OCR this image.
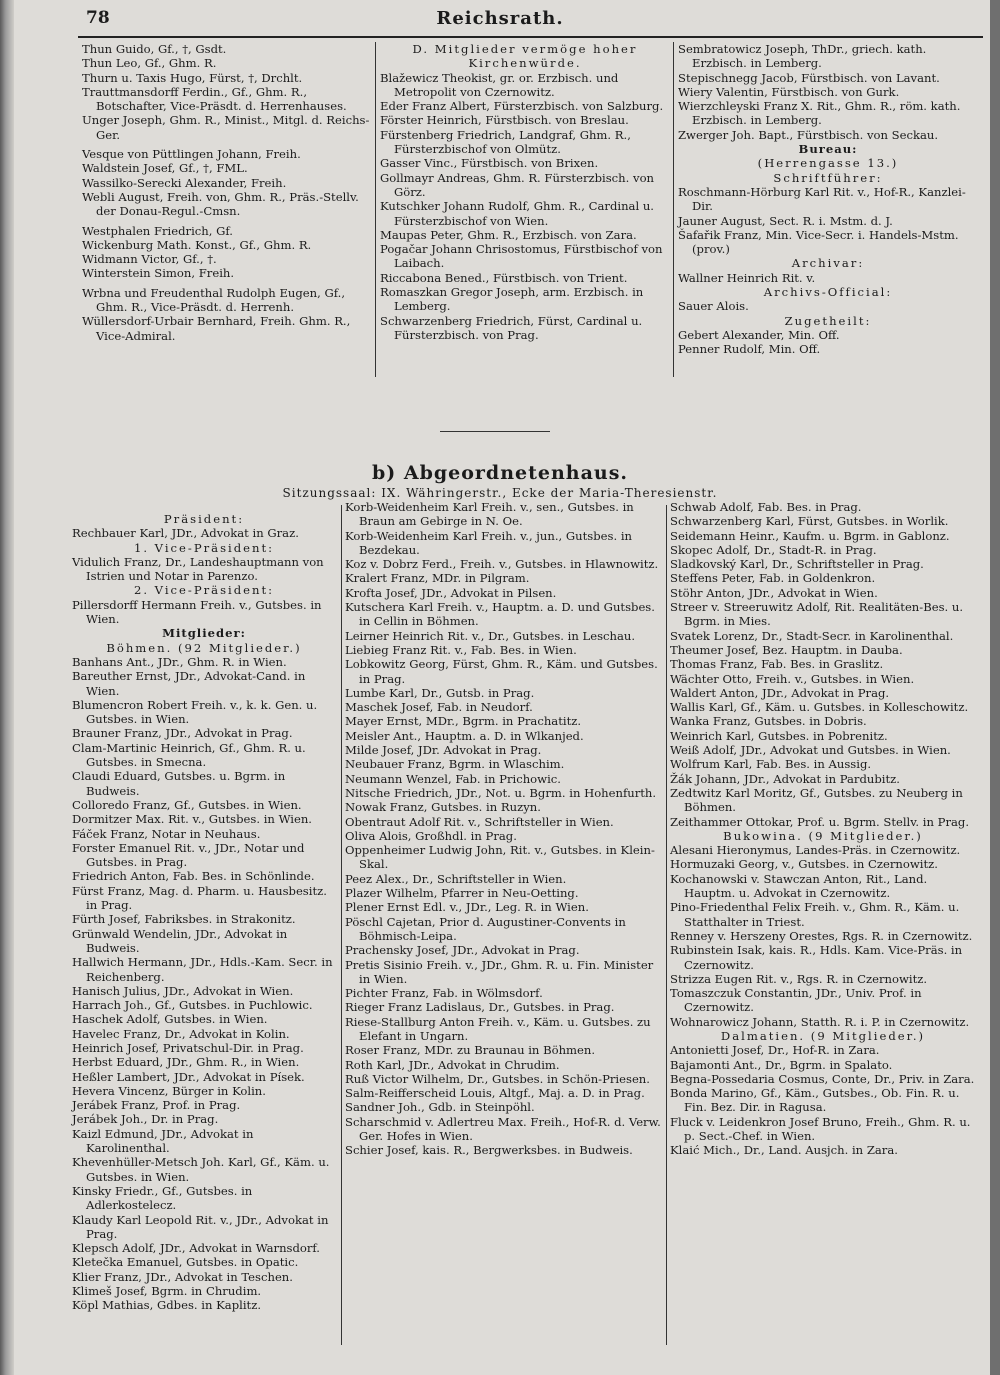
78	Reichsrath.

Thun Guido, Gf., †, Gsdt.

Thun Leo, Gf., Ghm. R.

Thurn u. Taxis Hugo, Fürst, †, Drchlt.

Trauttmansdorff Ferdin., Gf., Ghm. R., Botschafter, Vice-Präsdt. d. Herrenhauses.

Unger Joseph, Ghm. R., Minist., Mitgl. d. Reichs-Ger.

Vesque von Püttlingen Johann, Freih.

Waldstein Josef, Gf., †, FML.

Wassilko-Serecki Alexander, Freih.

Webli August, Freih. von, Ghm. R., Präs.-Stellv. der Donau-Regul.-Cmsn.

Westphalen Friedrich, Gf.

Wickenburg Math. Konst., Gf., Ghm. R.

Widmann Victor, Gf., †.

Winterstein Simon, Freih.

Wrbna und Freudenthal Rudolph Eugen, Gf., Ghm. R., Vice-Präsdt. d. Herrenh.

Wüllersdorf-Urbair Bernhard, Freih. Ghm. R., Vice-Admiral.

D. Mitglieder vermöge hoher Kirchenwürde.

Blažewicz Theokist, gr. or. Erzbisch. und Metropolit von Czernowitz.

Eder Franz Albert, Fürsterzbisch. von Salzburg.

Förster Heinrich, Fürstbisch. von Breslau.

Fürstenberg Friedrich, Landgraf, Ghm. R., Fürsterzbischof von Olmütz.

Gasser Vinc., Fürstbisch. von Brixen.

Gollmayr Andreas, Ghm. R. Fürsterzbisch. von Görz.

Kutschker Johann Rudolf, Ghm. R., Cardinal u. Fürsterzbischof von Wien.

Maupas Peter, Ghm. R., Erzbisch. von Zara.

Pogačar Johann Chrisostomus, Fürstbischof von Laibach.

Riccabona Bened., Fürstbisch. von Trient.

Romaszkan Gregor Joseph, arm. Erzbisch. in Lemberg.

Schwarzenberg Friedrich, Fürst, Cardinal u. Fürsterzbisch. von Prag.

Sembratowicz Joseph, ThDr., griech. kath. Erzbisch. in Lemberg.

Stepischnegg Jacob, Fürstbisch. von Lavant.

Wiery Valentin, Fürstbisch. von Gurk.

Wierzchleyski Franz X. Rit., Ghm. R., röm. kath. Erzbisch. in Lemberg.

Zwerger Joh. Bapt., Fürstbisch. von Seckau.

Bureau:

(Herrengasse 13.)

Schriftführer:

Roschmann-Hörburg Karl Rit. v., Hof-R., Kanzlei-Dir.

Jauner August, Sect. R. i. Mstm. d. J.

Šafařik Franz, Min. Vice-Secr. i. Handels-Mstm. (prov.)

Archivar:

Wallner Heinrich Rit. v.

Archivs-Official:

Sauer Alois.

Zugetheilt:

Gebert Alexander, Min. Off.

Penner Rudolf, Min. Off.

b) Abgeordnetenhaus.
Sitzungssaal: IX. Währingerstr., Ecke der Maria-Theresienstr.

Präsident:

Rechbauer Karl, JDr., Advokat in Graz.

1. Vice-Präsident:

Vidulich Franz, Dr., Landeshauptmann von Istrien und Notar in Parenzo.

2. Vice-Präsident:

Pillersdorff Hermann Freih. v., Gutsbes. in Wien.

Mitglieder:

Böhmen. (92 Mitglieder.)

Banhans Ant., JDr., Ghm. R. in Wien.

Bareuther Ernst, JDr., Advokat-Cand. in Wien.

Blumencron Robert Freih. v., k. k. Gen. u. Gutsbes. in Wien.

Brauner Franz, JDr., Advokat in Prag.

Clam-Martinic Heinrich, Gf., Ghm. R. u. Gutsbes. in Smecna.

Claudi Eduard, Gutsbes. u. Bgrm. in Budweis.

Colloredo Franz, Gf., Gutsbes. in Wien.

Dormitzer Max. Rit. v., Gutsbes. in Wien.

Fáček Franz, Notar in Neuhaus.

Forster Emanuel Rit. v., JDr., Notar und Gutsbes. in Prag.

Friedrich Anton, Fab. Bes. in Schönlinde.

Fürst Franz, Mag. d. Pharm. u. Hausbesitz. in Prag.

Fürth Josef, Fabriksbes. in Strakonitz.

Grünwald Wendelin, JDr., Advokat in Budweis.

Hallwich Hermann, JDr., Hdls.-Kam. Secr. in Reichenberg.

Hanisch Julius, JDr., Advokat in Wien.

Harrach Joh., Gf., Gutsbes. in Puchlowic.

Haschek Adolf, Gutsbes. in Wien.

Havelec Franz, Dr., Advokat in Kolin.

Heinrich Josef, Privatschul-Dir. in Prag.

Herbst Eduard, JDr., Ghm. R., in Wien.

Heßler Lambert, JDr., Advokat in Písek.

Hevera Vincenz, Bürger in Kolin.

Jerábek Franz, Prof. in Prag.

Jerábek Joh., Dr. in Prag.

Kaizl Edmund, JDr., Advokat in Karolinenthal.

Khevenhüller-Metsch Joh. Karl, Gf., Käm. u. Gutsbes. in Wien.

Kinsky Friedr., Gf., Gutsbes. in Adlerkostelecz.

Klaudy Karl Leopold Rit. v., JDr., Advokat in Prag.

Klepsch Adolf, JDr., Advokat in Warnsdorf.

Kletečka Emanuel, Gutsbes. in Opatic.

Klier Franz, JDr., Advokat in Teschen.

Klimeš Josef, Bgrm. in Chrudim.

Köpl Mathias, Gdbes. in Kaplitz.

Korb-Weidenheim Karl Freih. v., sen., Gutsbes. in Braun am Gebirge in N. Oe.

Korb-Weidenheim Karl Freih. v., jun., Gutsbes. in Bezdekau.

Koz v. Dobrz Ferd., Freih. v., Gutsbes. in Hlawnowitz.

Kralert Franz, MDr. in Pilgram.

Krofta Josef, JDr., Advokat in Pilsen.

Kutschera Karl Freih. v., Hauptm. a. D. und Gutsbes. in Cellin in Böhmen.

Leirner Heinrich Rit. v., Dr., Gutsbes. in Leschau.

Liebieg Franz Rit. v., Fab. Bes. in Wien.

Lobkowitz Georg, Fürst, Ghm. R., Käm. und Gutsbes. in Prag.

Lumbe Karl, Dr., Gutsb. in Prag.

Maschek Josef, Fab. in Neudorf.

Mayer Ernst, MDr., Bgrm. in Prachatitz.

Meisler Ant., Hauptm. a. D. in Wlkanjed.

Milde Josef, JDr. Advokat in Prag.

Neubauer Franz, Bgrm. in Wlaschim.

Neumann Wenzel, Fab. in Prichowic.

Nitsche Friedrich, JDr., Not. u. Bgrm. in Hohenfurth.

Nowak Franz, Gutsbes. in Ruzyn.

Obentraut Adolf Rit. v., Schriftsteller in Wien.

Oliva Alois, Großhdl. in Prag.

Oppenheimer Ludwig John, Rit. v., Gutsbes. in Klein-Skal.

Peez Alex., Dr., Schriftsteller in Wien.

Plazer Wilhelm, Pfarrer in Neu-Oetting.

Plener Ernst Edl. v., JDr., Leg. R. in Wien.

Pöschl Cajetan, Prior d. Augustiner-Convents in Böhmisch-Leipa.

Prachensky Josef, JDr., Advokat in Prag.

Pretis Sisinio Freih. v., JDr., Ghm. R. u. Fin. Minister in Wien.

Pichter Franz, Fab. in Wölmsdorf.

Rieger Franz Ladislaus, Dr., Gutsbes. in Prag.

Riese-Stallburg Anton Freih. v., Käm. u. Gutsbes. zu Elefant in Ungarn.

Roser Franz, MDr. zu Braunau in Böhmen.

Roth Karl, JDr., Advokat in Chrudim.

Ruß Victor Wilhelm, Dr., Gutsbes. in Schön-Priesen.

Salm-Reifferscheid Louis, Altgf., Maj. a. D. in Prag.

Sandner Joh., Gdb. in Steinpöhl.

Scharschmid v. Adlertreu Max. Freih., Hof-R. d. Verw. Ger. Hofes in Wien.

Schier Josef, kais. R., Bergwerksbes. in Budweis.

Schwab Adolf, Fab. Bes. in Prag.

Schwarzenberg Karl, Fürst, Gutsbes. in Worlik.

Seidemann Heinr., Kaufm. u. Bgrm. in Gablonz.

Skopec Adolf, Dr., Stadt-R. in Prag.

Sladkovský Karl, Dr., Schriftsteller in Prag.

Steffens Peter, Fab. in Goldenkron.

Stöhr Anton, JDr., Advokat in Wien.

Streer v. Streeruwitz Adolf, Rit. Realitäten-Bes. u. Bgrm. in Mies.

Svatek Lorenz, Dr., Stadt-Secr. in Karolinenthal.

Theumer Josef, Bez. Hauptm. in Dauba.

Thomas Franz, Fab. Bes. in Graslitz.

Wächter Otto, Freih. v., Gutsbes. in Wien.

Waldert Anton, JDr., Advokat in Prag.

Wallis Karl, Gf., Käm. u. Gutsbes. in Kolleschowitz.

Wanka Franz, Gutsbes. in Dobris.

Weinrich Karl, Gutsbes. in Pobrenitz.

Weiß Adolf, JDr., Advokat und Gutsbes. in Wien.

Wolfrum Karl, Fab. Bes. in Aussig.

Žák Johann, JDr., Advokat in Pardubitz.

Zedtwitz Karl Moritz, Gf., Gutsbes. zu Neuberg in Böhmen.

Zeithammer Ottokar, Prof. u. Bgrm. Stellv. in Prag.

Bukowina. (9 Mitglieder.)

Alesani Hieronymus, Landes-Präs. in Czernowitz.

Hormuzaki Georg, v., Gutsbes. in Czernowitz.

Kochanowski v. Stawczan Anton, Rit., Land. Hauptm. u. Advokat in Czernowitz.

Pino-Friedenthal Felix Freih. v., Ghm. R., Käm. u. Statthalter in Triest.

Renney v. Herszeny Orestes, Rgs. R. in Czernowitz.

Rubinstein Isak, kais. R., Hdls. Kam. Vice-Präs. in Czernowitz.

Strizza Eugen Rit. v., Rgs. R. in Czernowitz.

Tomaszczuk Constantin, JDr., Univ. Prof. in Czernowitz.

Wohnarowicz Johann, Statth. R. i. P. in Czernowitz.

Dalmatien. (9 Mitglieder.)

Antonietti Josef, Dr., Hof-R. in Zara.

Bajamonti Ant., Dr., Bgrm. in Spalato.

Begna-Possedaria Cosmus, Conte, Dr., Priv. in Zara.

Bonda Marino, Gf., Käm., Gutsbes., Ob. Fin. R. u. Fin. Bez. Dir. in Ragusa.

Fluck v. Leidenkron Josef Bruno, Freih., Ghm. R. u. p. Sect.-Chef. in Wien.

Klaić Mich., Dr., Land. Ausjch. in Zara.
